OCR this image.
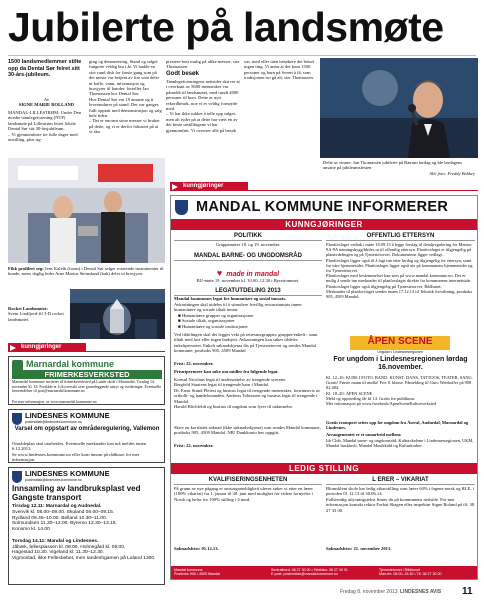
Jubilerte på landsmøte
1500 landsmedlemmer stilte opp da Dental Sør feiret sitt 30-års-jubileum.
Av
SIGNE MARIE ROLLAND
MANDAL-LILLESTRØM: Under Den norske tannlegeforening (NTF) landsmøte på Lillestrøm feiret lokale Dental Sør sitt 30-årsjubileum.
– Vi gjennomførte tre fulle dager med utstilling, plus rig-
ging og demontering. Stand og salget fungerte veldig bra i år. Vi hadde en stor rund disk for første gang som på det meste var betjent av fire som deler ut kaffe, vann, informasjon og brosjyrer til kunder, forteller Jan Thomassen hos Dental Sør.
Hos Dental Sør var 19 ansatte og ti leverandører på stand. Der var ganger, fullt opptatt med demonstrasjon og salg hele tiden.
– Det er enormt store messer vi bruker på dette, og vi er derfor fokusert på at vi ska
prestere best mulig på ulike messer, sier Thomassen.
Godt besøk
Tannlegeforeningens nettsider skriver at i overkant av 5600 mennesker var påmeldt til landsmøtet, med rundt 4000 personer til kurs. Dette er nytt rekordbesøk, noe vi er veldig fornøyde med.
– Vi har ikke rukket å telle opp salget, men alt tyder på at dette har vært en av det beste utstillingene vi har gjennomført. Vi overtrer alle på besøk
var, med eller uten besøkere det betud ingen ting. Vi antar at det kom 1500 personer og barn på Sveen å få, som tradisjonen tro gå alt, sier Thomassen.
Delte ut vinner: Jan Thomassen jubilerte på Bærum lørdag og ble lørdagens ansatte på jubileumsfesten

Alle foto: Freddy Bokkey
kunngjøringer
Fikk profilert seg: Jens Kalvik (foran) i Dental Sør selger rotarende instrumenter til kunde, mens daglig leder Arne Marius Steinslund (bak) deler ut brosjyrer.
Rocket Landsmøtet:
Svein Lindfjord-fil 3-D rocket landsmøtet.
kunngjøringer
Marnardal kommune
FRIMERKESVERKSTED
Marnardal kommune inviterer til frimerkeverksted på Lunde skole i Marnardal, Torsdag 14. november kl. 18. Forslåde er å få oversikt over grunnleggende utstyr og vurderinger. Eventuelle henvendelser til post@marnardal.kommune.no
For mer informasjon, se www.marnardal.kommune.no
LINDESNES KOMMUNE
postmottak@lindesnes.kommune.no
Varsel om oppstart av områderegulering, Vallemon
Områdeplan skal utarbeides. Eventuelle merknader kan må meldes innen 6.12.2013.
Se www.lindesnes.kommune.no eller kom innom på rådhuset for mer informasjon.
LINDESNES KOMMUNE
postmottak@lindesnes.kommune.no
Innsamling av landbruksplast ved Gangste transport
Tirsdag 12.11: Marnardal og Audnedal.
Svenvik kl. 08.00–09.00. Skuland 08.00–09.15.
Rydland 09.45–10.00. Belland 10.30–11.00.
Solmundsen 11.30–12.00. Byremo 12.30–13.15.
Konsmo kl. 14.00

Torsdag 14.11: Mandal og Lindesnes.
Jåbæk, fellesplassen kl. 08.00. Holmegård kl. 09.00.
Hagestad 10.30. Vigeland kl. 11.30–12.30.
Vigmostad, ikke Fellesbebet, men Iandeshgamen på Laland 1300.
MANDAL KOMMUNE INFORMERER
KUNNGJØRINGER
POLITIKK
Gruppemøter 18. og 19. november.
MANDAL BARNE- OG UNGDOMSRÅD
♥ made in mandal
BU-møte 19. november kl. 10.00–12.30 i Byretrommet.
LEGATUTDELING 2013
Mandal kommunes legat for humanitær og sosial innsats.
Avkastningen skal utdeles til å stimulere frivillig ressursinnsats innen humanitære og sosiale tiltak innen:
■ Humanitære grupper og organisasjoner
■ Sosiale tiltak, organisasjoner
■ Humanitære og sosiale institusjoner
Ved tildelingen skal det legges vekt på rettesnorgrupper, grupper/enkelt-, samt tiltak med lavt eller ingen budsjett. Avkastningen kan søkes tildeles enkeltpersoner. Enkelt søknadskjema fås på Tjenestetorvet og sendes Mandal kommune, postboks 905, 4509 Mandal
Frist: 22. november.
Prisutpermeer kan søke om midler fra følgende legat.
Konsul Nicolaus legat til undersøttelse av trengende syerene.
Bergfeld Stautens legat til trengende barn i Mandal.
Dr. Ernst Stund Pleiest og hustrus legat til trengende mennesker, fortrinnsvis av ortholk- og handelsstanden. Andreas Tobiassen og hustrus legat til trengende i Mandal.
Harald Blichfeldt og hustrus til ungdom som fyrer til utdannelse.
Skriv en kortfattet søknad (ikke søknadsskjema) som sendes Mandal kommune, postboks 905, 4509 Mandal. NB! Dankkonto bes oppgitt.
Frist: 22. november.
OFFENTLIG ETTERSYN
Planforslaget vedtak i møte 18.09.13 å legge forslag til detaljregulering for Mentoc 9A-9A namingsbygg/bhiles ut til offentlig ettersyn. Planforslaget er tilgjengelig på planavdelingen og på Tjenestetorvet. Dokumentene ligger vedlagt.
Planforslaget ligger også til å lagt inn etter lørdag og tilgjengelig for ettersyn, samt fra våre hjemmesider. Planforslaget ligger også ute på kommunens hjemmesider og fra Tjenestetorvet.
Planforslaget med bestemmelser kan sees på www.mandal.kommune.no. Det er mulig å sende inn merknader til planforslaget direkte fra kommunens internettside. Planforslaget ligger også tilgjengelig på Tjenestetorvet, Rådhuset.
Merknader til planforslaget sendes innen 17.12.13 til Teknisk forvaltning, postboks 905, 4509 Mandal.
ÅPEN SCENE
Ungdom i Lindesnesregionen
For ungdom i Lindesnesregionen lørdag 16.november.
Kl. 12–16: KURS I FOTO, BAND, KUNST, DANS, TATTOOS, TEATER, SANG.
Gratis! Første mann til mølla! Frie 8. klasse. Påmelding til Guro Wenhoffer på 908 82 484.
Kl. 18–20: ÅPEN SCENE
Meld og opptreding får kl 14. Gratis for publikum.
Mer informasjon på www.facebook/ApenSceneKulturverksted
Gratis transport settes opp for ungdom fra Åseral, Audnedal, Marnardal og Lindesnes.
Arrangementet er et samarbeid mellom:
Idr Club, Mandal turne- og ungdomsråd, Kulturskolene i Lindesnesregionen, UKM, Mandal huskluvb, Mandal Musikkråd og Kulturkorker.
LEDIG STILLING
KVALIFISERINGSENHETEN
På grunn av nye pågang er omsorgsmeldigkeit ulever søker vi etter en lærer (100% vikariat) fra 1. januar til 30. juni med mulighet for videre fornyelse i Norsk og helse for 100% stilling i 4 mnd.
Søknadsfrist: 01.12.13.
L ERER – VIKARIAT
Blomsklem skole har ledig vikarstilling som lærer 60% i fagene norsk og RLE, i perioden 01.12.13 til 30.06.14.
Fullstendig utlysningstekst finner du på kommunens nettside. For mer informasjon kontakt rektor Forbat Skagen eller inspektør Signe Roland på tlf. 38 27 33 00.
Søknadsfrist: 21. november 2013.
Mandal kommune
Postboks 905 • 4509 Mandal
Sentralbord: 38 27 30 00 • Telefaks: 38 27 30 01
E-post: postmottak@mandal.kommune.no
Tjenestetorvet i Rådhuset
Man-fre: 08.00–15.30 • Tlf: 38 27 30 00
Fredag 8. november 2013 LINDESNES AVIS 11
